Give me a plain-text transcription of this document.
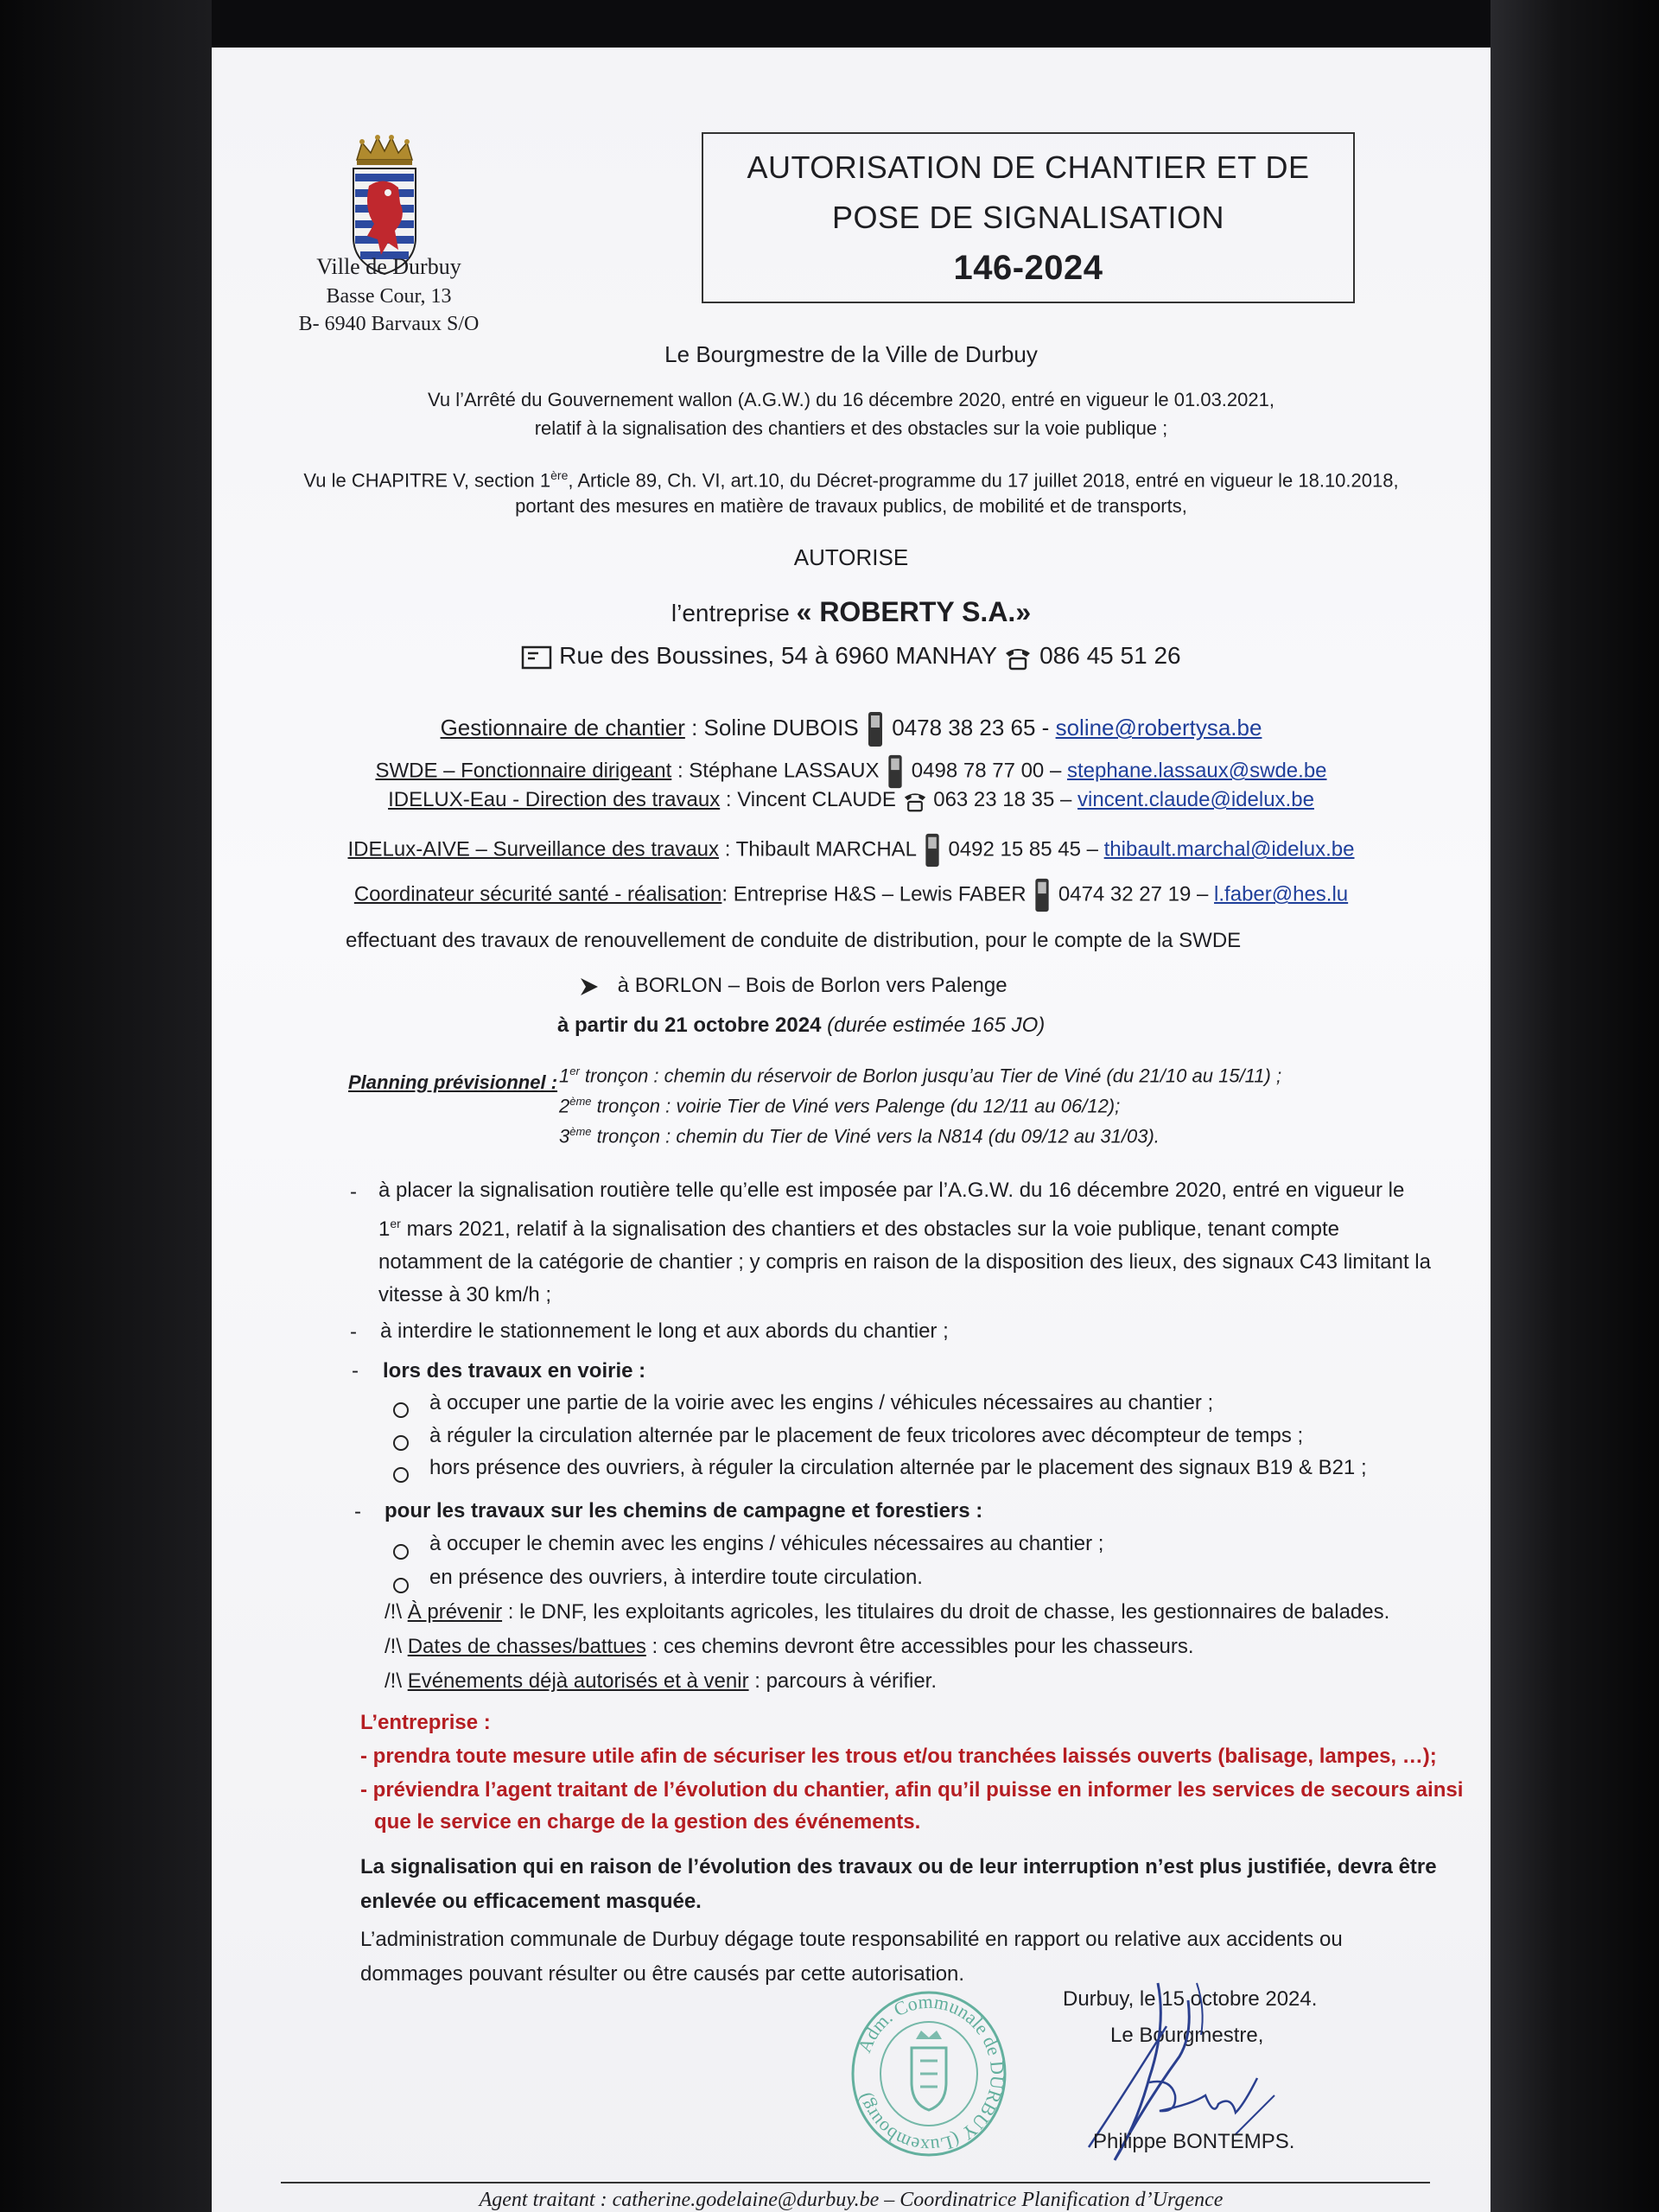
Ville de Durbuy
Basse Cour, 13
B- 6940 Barvaux S/O
AUTORISATION DE CHANTIER ET DE
POSE DE SIGNALISATION
146-2024
Le Bourgmestre de la Ville de Durbuy
Vu l’Arrêté du Gouvernement wallon (A.G.W.) du 16 décembre 2020, entré en vigueur le 01.03.2021,
relatif à la signalisation des chantiers et des obstacles sur la voie publique ;
Vu le CHAPITRE V, section 1ère, Article 89, Ch. VI, art.10, du Décret-programme du 17 juillet 2018, entré en vigueur le 18.10.2018,
portant des mesures en matière de travaux publics, de mobilité et de transports,
AUTORISE
l’entreprise « ROBERTY S.A.»
Rue des Boussines, 54 à 6960 MANHAY 086 45 51 26
Gestionnaire de chantier : Soline DUBOIS 0478 38 23 65 - soline@robertysa.be
SWDE – Fonctionnaire dirigeant : Stéphane LASSAUX 0498 78 77 00 – stephane.lassaux@swde.be
IDELUX-Eau - Direction des travaux : Vincent CLAUDE 063 23 18 35 – vincent.claude@idelux.be
IDELux-AIVE – Surveillance des travaux : Thibault MARCHAL 0492 15 85 45 – thibault.marchal@idelux.be
Coordinateur sécurité santé - réalisation: Entreprise H&S – Lewis FABER 0474 32 27 19 – l.faber@hes.lu
effectuant des travaux de renouvellement de conduite de distribution, pour le compte de la SWDE
à BORLON – Bois de Borlon vers Palenge
à partir du 21 octobre 2024 (durée estimée 165 JO)
Planning prévisionnel : 1er tronçon : chemin du réservoir de Borlon jusqu’au Tier de Viné (du 21/10 au 15/11) ;
2ème tronçon : voirie Tier de Viné vers Palenge (du 12/11 au 06/12);
3ème tronçon : chemin du Tier de Viné vers la N814 (du 09/12 au 31/03).
- à placer la signalisation routière telle qu’elle est imposée par l’A.G.W. du 16 décembre 2020, entré en vigueur le
1er mars 2021, relatif à la signalisation des chantiers et des obstacles sur la voie publique, tenant compte
notamment de la catégorie de chantier ; y compris en raison de la disposition des lieux, des signaux C43 limitant la
vitesse à 30 km/h ;
- à interdire le stationnement le long et aux abords du chantier ;
- lors des travaux en voirie :
à occuper une partie de la voirie avec les engins / véhicules nécessaires au chantier ;
à réguler la circulation alternée par le placement de feux tricolores avec décompteur de temps ;
hors présence des ouvriers, à réguler la circulation alternée par le placement des signaux B19 & B21 ;
- pour les travaux sur les chemins de campagne et forestiers :
à occuper le chemin avec les engins / véhicules nécessaires au chantier ;
en présence des ouvriers, à interdire toute circulation.
/!\ À prévenir : le DNF, les exploitants agricoles, les titulaires du droit de chasse, les gestionnaires de balades.
/!\ Dates de chasses/battues : ces chemins devront être accessibles pour les chasseurs.
/!\ Evénements déjà autorisés et à venir : parcours à vérifier.
L’entreprise :
- prendra toute mesure utile afin de sécuriser les trous et/ou tranchées laissés ouverts (balisage, lampes, …);
- préviendra l’agent traitant de l’évolution du chantier, afin qu’il puisse en informer les services de secours ainsi
que le service en charge de la gestion des événements.
La signalisation qui en raison de l’évolution des travaux ou de leur interruption n’est plus justifiée, devra être
enlevée ou efficacement masquée.
L’administration communale de Durbuy dégage toute responsabilité en rapport ou relative aux accidents ou
dommages pouvant résulter ou être causés par cette autorisation.
Adm. Communale de DURBUY (Luxembourg)
Durbuy, le 15 octobre 2024.
Le Bourgmestre,
Philippe BONTEMPS.
Agent traitant : catherine.godelaine@durbuy.be – Coordinatrice Planification d’Urgence
